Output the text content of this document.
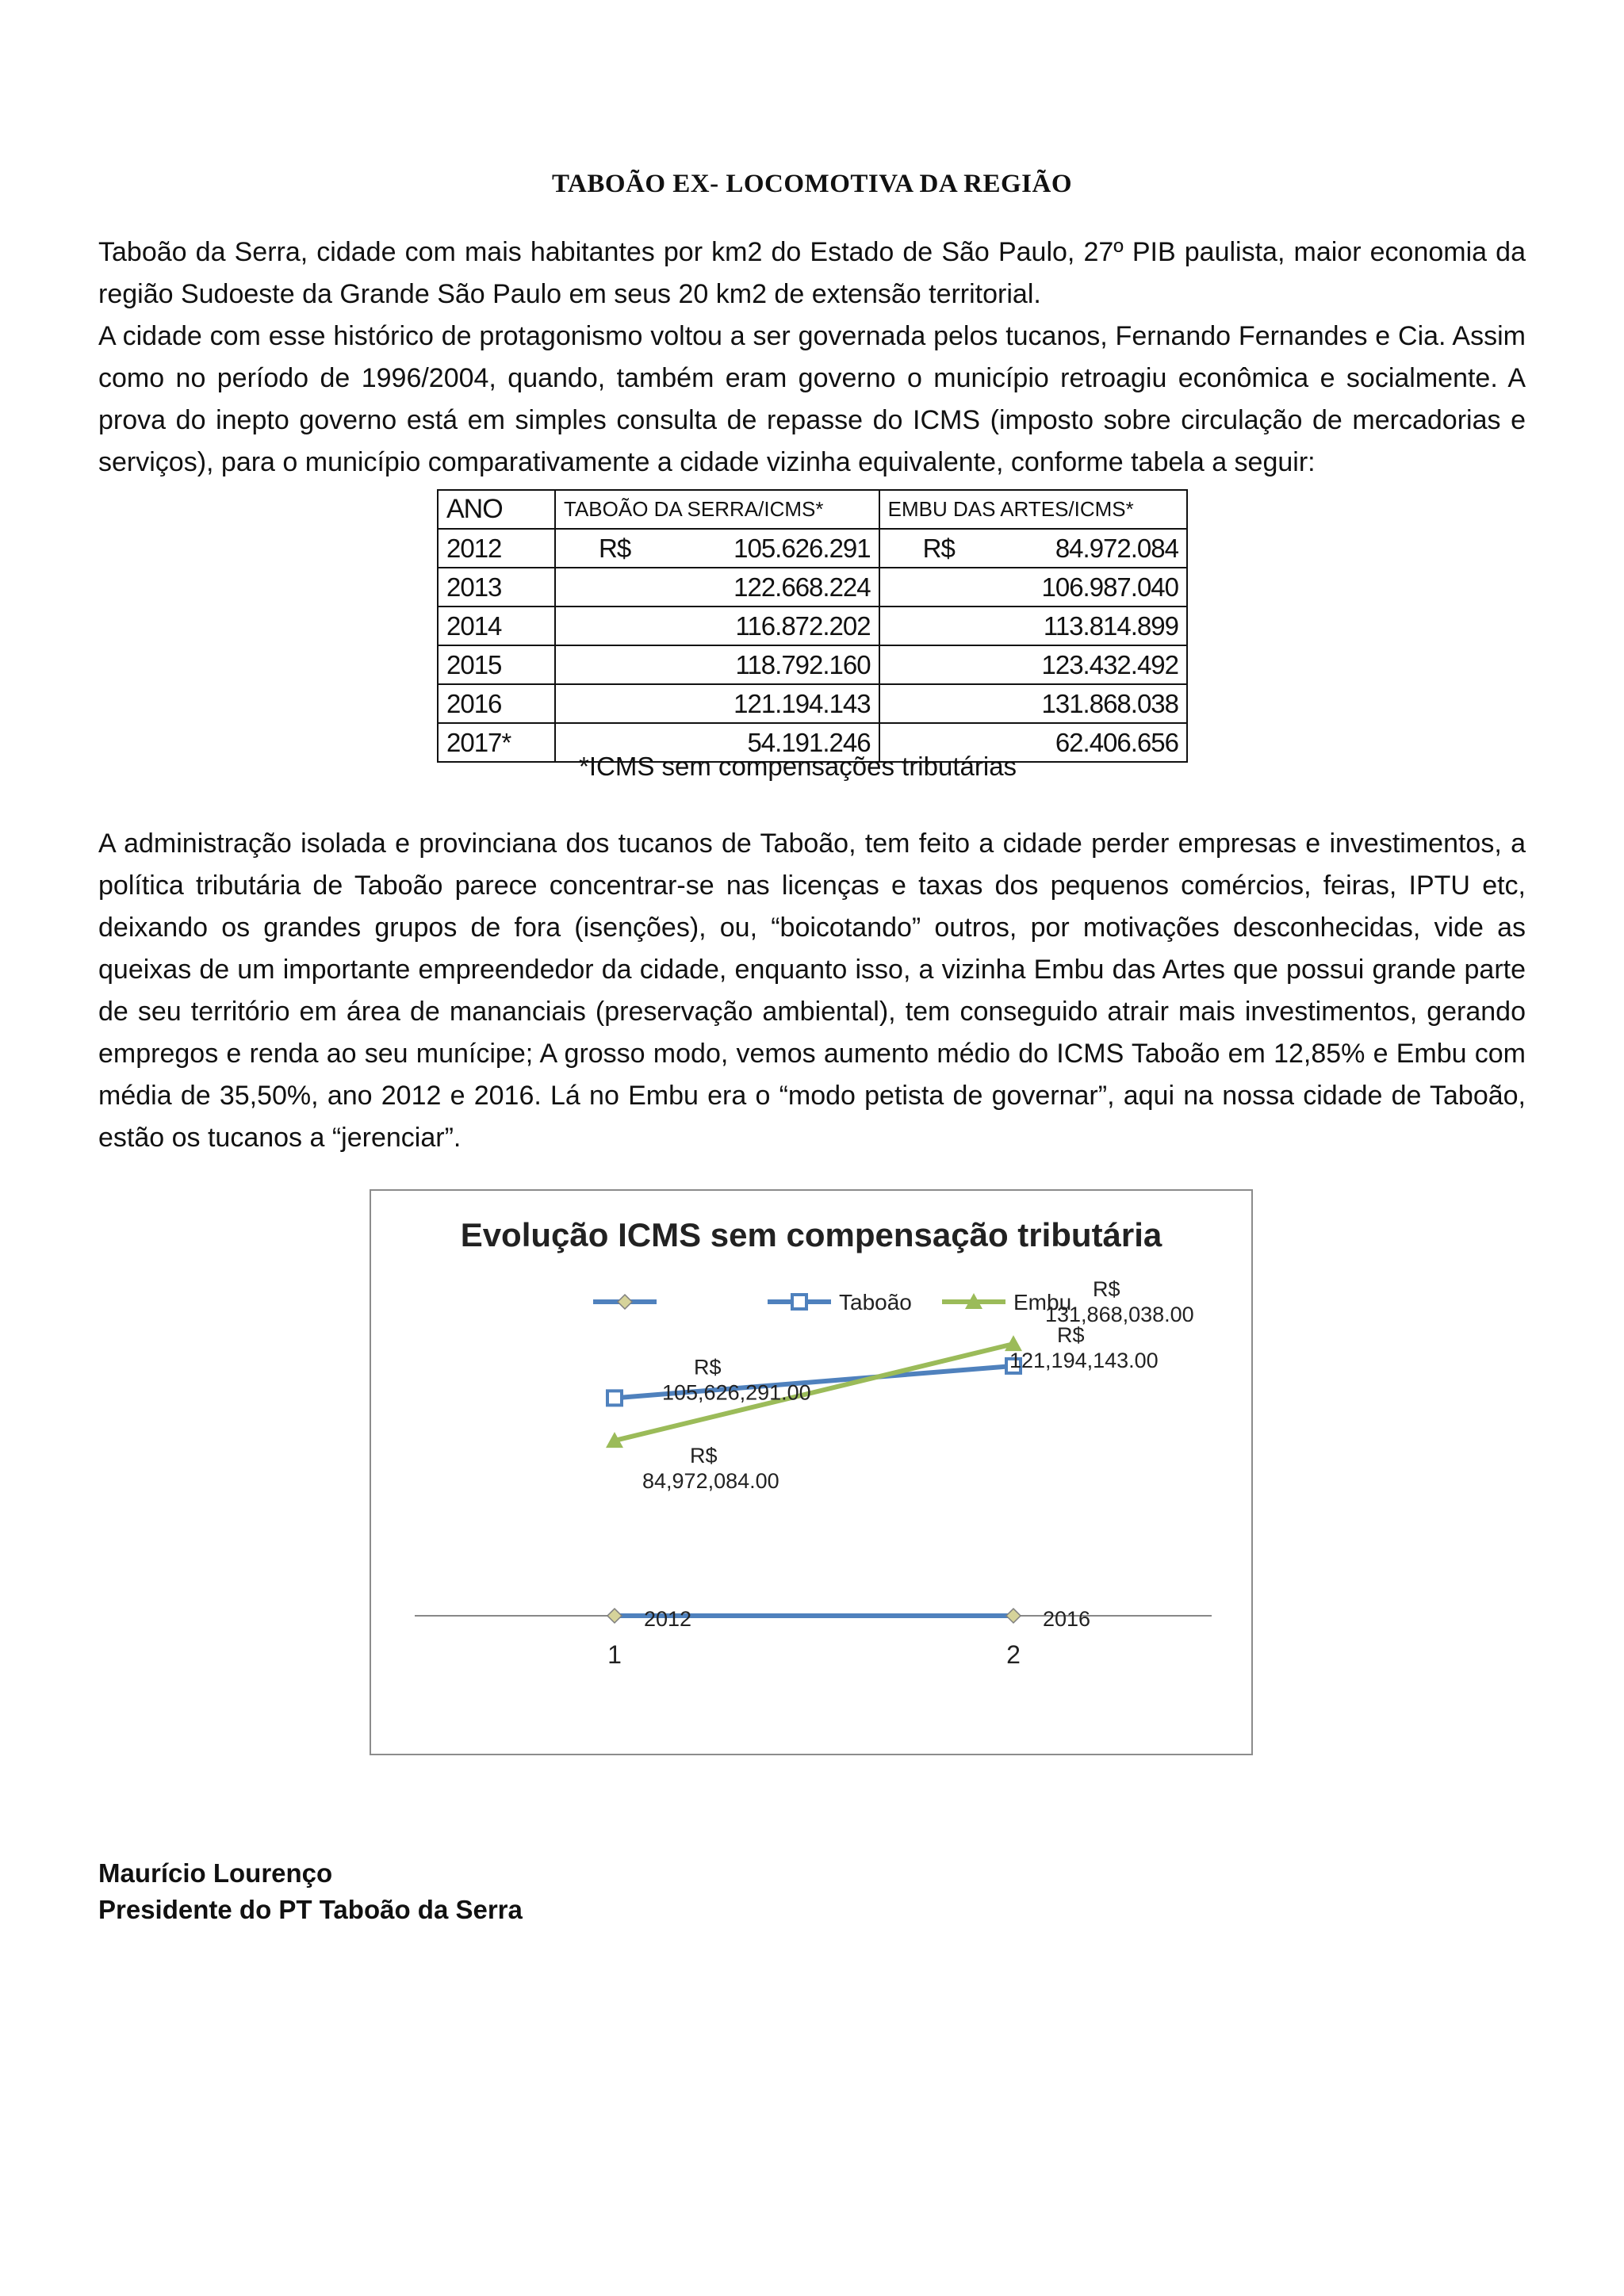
TABOÃO EX- LOCOMOTIVA DA REGIÃO
Taboão da Serra, cidade com mais habitantes por km2 do Estado de São Paulo, 27º PIB paulista, maior economia da região Sudoeste da Grande São Paulo em seus 20 km2 de extensão territorial.
A cidade com esse histórico de protagonismo voltou a ser governada pelos tucanos, Fernando Fernandes e Cia. Assim como no período de 1996/2004, quando, também eram governo o município retroagiu econômica e socialmente. A prova do inepto governo está em simples consulta de repasse do ICMS (imposto sobre circulação de mercadorias e serviços), para o município comparativamente a cidade vizinha equivalente, conforme tabela a seguir:
ANO	TABOÃO DA SERRA/ICMS*	EMBU DAS ARTES/ICMS*
2012	R$ 105.626.291	R$ 84.972.084
2013	122.668.224	106.987.040
2014	116.872.202	113.814.899
2015	118.792.160	123.432.492
2016	121.194.143	131.868.038
2017*	54.191.246	62.406.656
*ICMS sem compensações tributárias
A administração isolada e provinciana dos tucanos de Taboão, tem feito a cidade perder empresas e investimentos, a política tributária de Taboão parece concentrar-se nas licenças e taxas dos pequenos comércios, feiras, IPTU etc, deixando os grandes grupos de fora (isenções), ou, “boicotando” outros, por motivações desconhecidas, vide as queixas de um importante empreendedor da cidade, enquanto isso, a vizinha Embu das Artes que possui grande parte de seu território em área de mananciais (preservação ambiental), tem conseguido atrair mais investimentos, gerando empregos e renda ao seu munícipe; A grosso modo, vemos aumento médio do ICMS Taboão em 12,85% e Embu com média de 35,50%, ano 2012 e 2016. Lá no Embu era o “modo petista de governar”, aqui na nossa cidade de Taboão, estão os tucanos a “jerenciar”.
Evolução ICMS sem compensação tributária
Taboão	Embu
1	2
2012	2016
R$ 105,626,291.00
R$ 121,194,143.00
R$ 84,972,084.00
R$ 131,868,038.00
Maurício Lourenço
Presidente do PT Taboão da Serra
